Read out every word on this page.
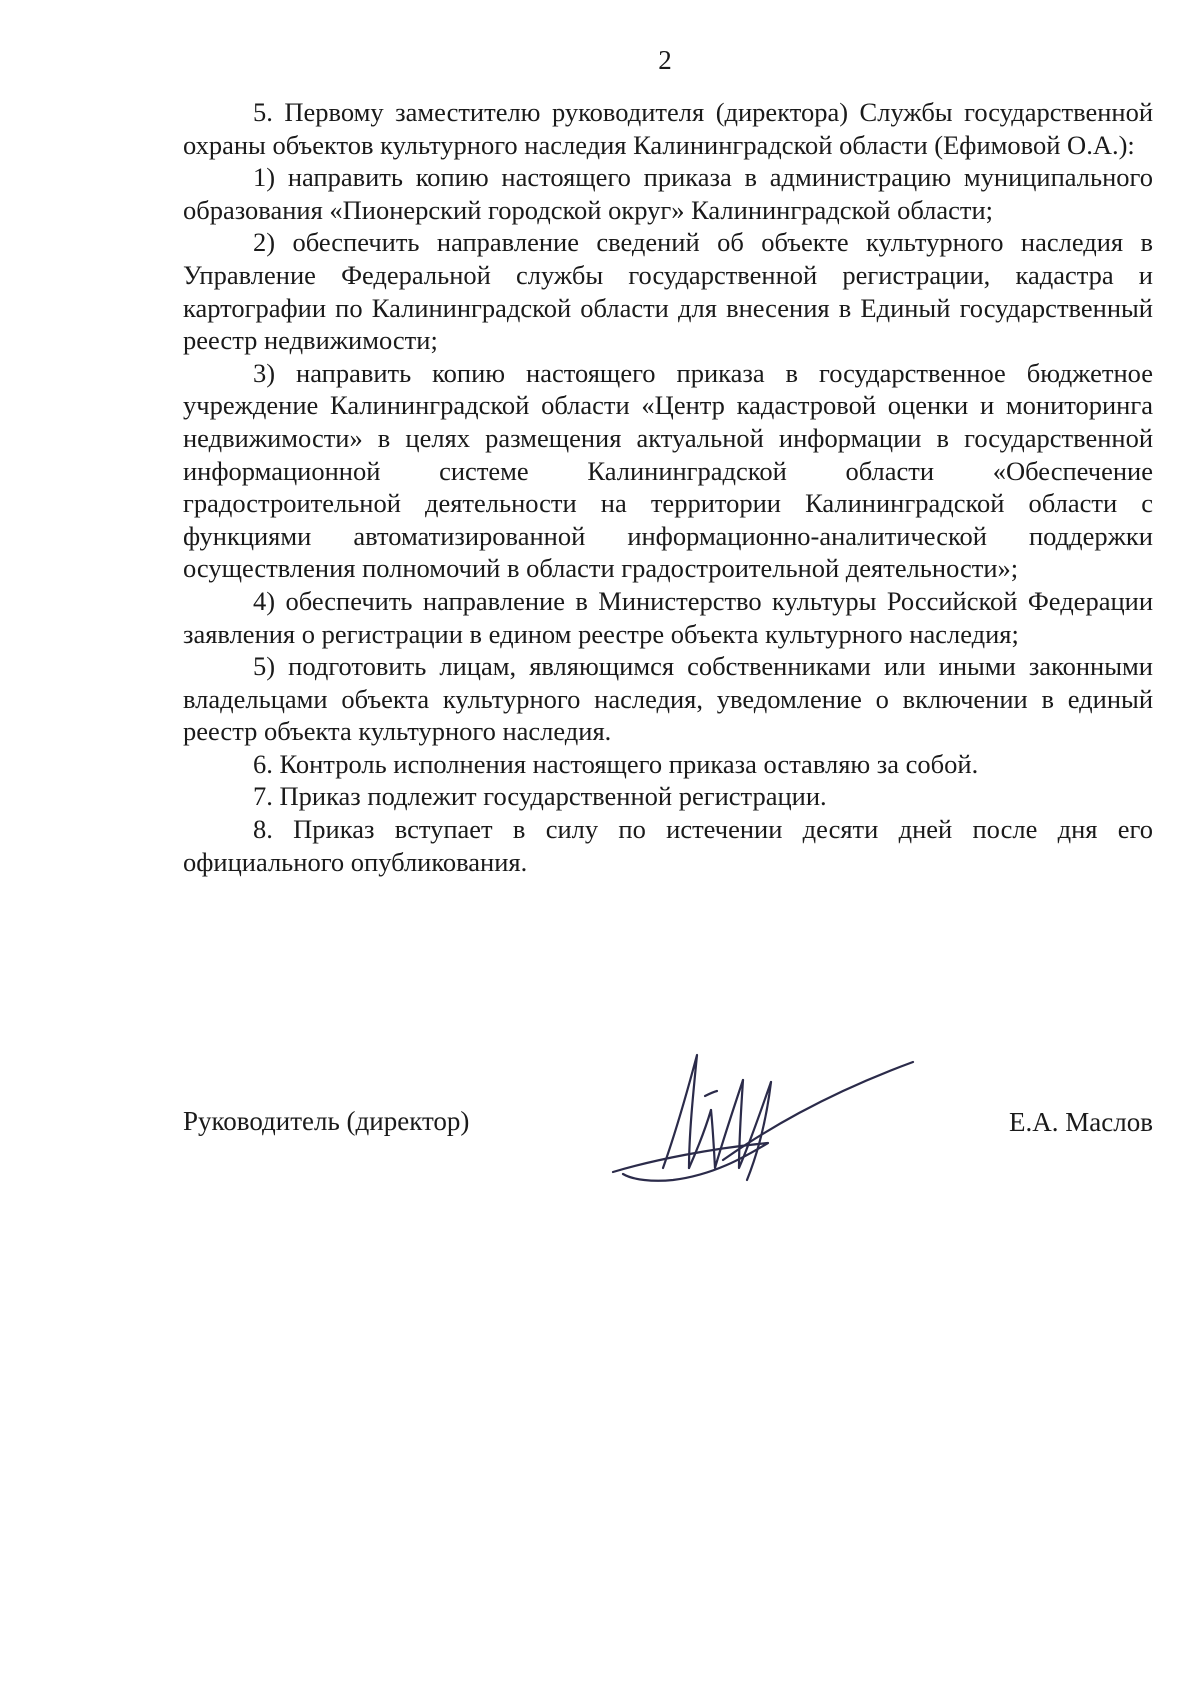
2

5. Первому заместителю руководителя (директора) Службы государственной охраны объектов культурного наследия Калининградской области (Ефимовой О.А.):

1) направить копию настоящего приказа в администрацию муниципального образования «Пионерский городской округ» Калининградской области;

2) обеспечить направление сведений об объекте культурного наследия в Управление Федеральной службы государственной регистрации, кадастра и картографии по Калининградской области для внесения в Единый государственный реестр недвижимости;

3) направить копию настоящего приказа в государственное бюджетное учреждение Калининградской области «Центр кадастровой оценки и мониторинга недвижимости» в целях размещения актуальной информации в государственной информационной системе Калининградской области «Обеспечение градостроительной деятельности на территории Калининградской области с функциями автоматизированной информационно-аналитической поддержки осуществления полномочий в области градостроительной деятельности»;

4) обеспечить направление в Министерство культуры Российской Федерации заявления о регистрации в едином реестре объекта культурного наследия;

5) подготовить лицам, являющимся собственниками или иными законными владельцами объекта культурного наследия, уведомление о включении в единый реестр объекта культурного наследия.

6. Контроль исполнения настоящего приказа оставляю за собой.

7. Приказ подлежит государственной регистрации.

8. Приказ вступает в силу по истечении десяти дней после дня его официального опубликования.

Руководитель (директор)	Е.А. Маслов
